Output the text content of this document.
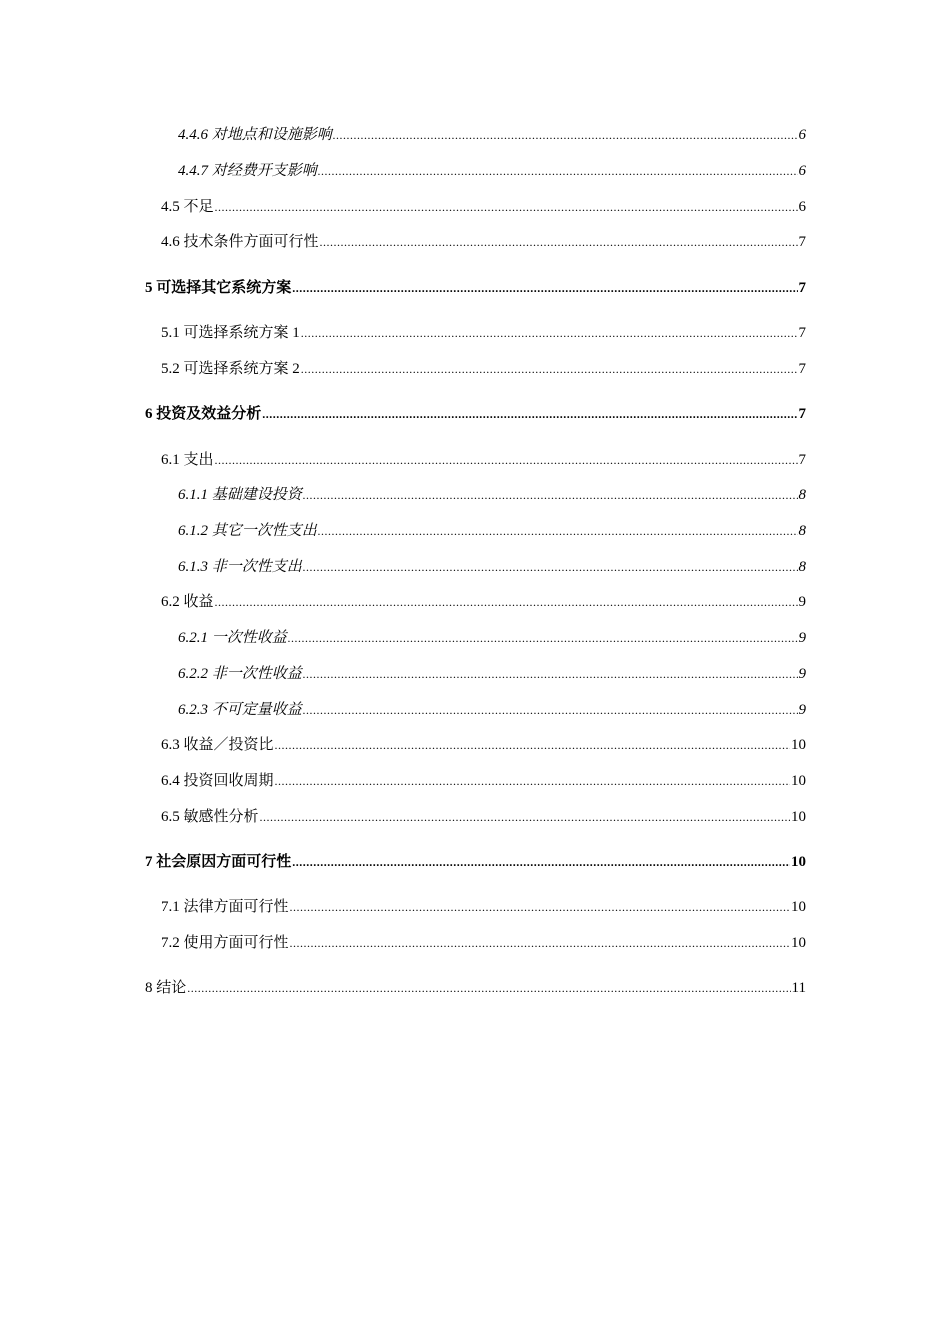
4.4.6 对地点和设施影响 .....	6
4.4.7 对经费开支影响 .....	6
4.5 不足 .....	6
4.6 技术条件方面可行性 .....	7
5 可选择其它系统方案 .....	7
5.1 可选择系统方案 1 .....	7
5.2 可选择系统方案 2 .....	7
6 投资及效益分析 .....	7
6.1 支出 .....	7
6.1.1 基础建设投资 .....	8
6.1.2 其它一次性支出 .....	8
6.1.3 非一次性支出 .....	8
6.2 收益 .....	9
6.2.1 一次性收益 .....	9
6.2.2 非一次性收益 .....	9
6.2.3 不可定量收益 .....	9
6.3 收益／投资比 .....	10
6.4 投资回收周期 .....	10
6.5 敏感性分析 .....	10
7 社会原因方面可行性 .....	10
7.1 法律方面可行性 .....	10
7.2 使用方面可行性 .....	10
8 结论 .....	11
